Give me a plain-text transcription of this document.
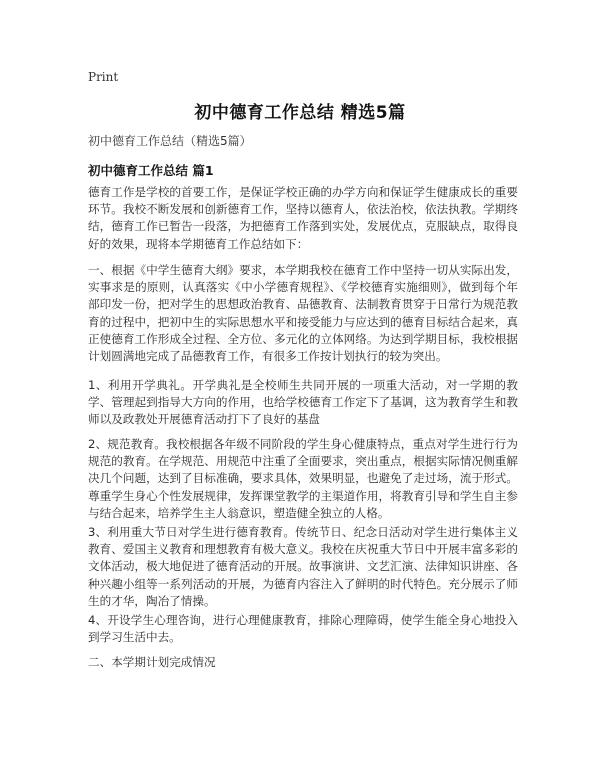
Print
初中德育工作总结 精选5篇
初中德育工作总结（精选5篇）
初中德育工作总结 篇1

德育工作是学校的首要工作，是保证学校正确的办学方向和保证学生健康成长的重要环节。我校不断发展和创新德育工作，坚持以德育人，依法治校，依法执教。学期终结，德育工作已暂告一段落，为把德育工作落到实处，发展优点，克服缺点，取得良好的效果，现将本学期德育工作总结如下：

一、根据《中学生德育大纲》要求，本学期我校在德育工作中坚持一切从实际出发，实事求是的原则，认真落实《中小学德育规程》、《学校德育实施细则》，做到每个年部印发一份，把对学生的思想政治教育、品德教育、法制教育贯穿于日常行为规范教育的过程中，把初中生的实际思想水平和接受能力与应达到的德育目标结合起来，真正使德育工作形成全过程、全方位、多元化的立体网络。为达到学期目标，我校根据计划圆满地完成了品德教育工作，有很多工作按计划执行的较为突出。

1、利用开学典礼。开学典礼是全校师生共同开展的一项重大活动，对一学期的教学、管理起到指导大方向的作用，也给学校德育工作定下了基调，这为教育学生和教师以及政教处开展德育活动打下了良好的基盘

2、规范教育。我校根据各年级不同阶段的学生身心健康特点，重点对学生进行行为规范的教育。在学规范、用规范中注重了全面要求，突出重点，根据实际情况侧重解决几个问题，达到了目标准确，要求具体，效果明显，也避免了走过场，流于形式。尊重学生身心个性发展规律，发挥课堂教学的主渠道作用，将教育引导和学生自主参与结合起来，培养学生主人翁意识，塑造健全独立的人格。

3、利用重大节日对学生进行德育教育。传统节日、纪念日活动对学生进行集体主义教育、爱国主义教育和理想教育有极大意义。我校在庆祝重大节日中开展丰富多彩的文体活动，极大地促进了德育活动的开展。故事演讲、文艺汇演、法律知识讲座、各种兴趣小组等一系列活动的开展，为德育内容注入了鲜明的时代特色。充分展示了师生的才华，陶冶了情操。

4、开设学生心理咨询，进行心理健康教育，排除心理障碍，使学生能全身心地投入到学习生活中去。

二、本学期计划完成情况
